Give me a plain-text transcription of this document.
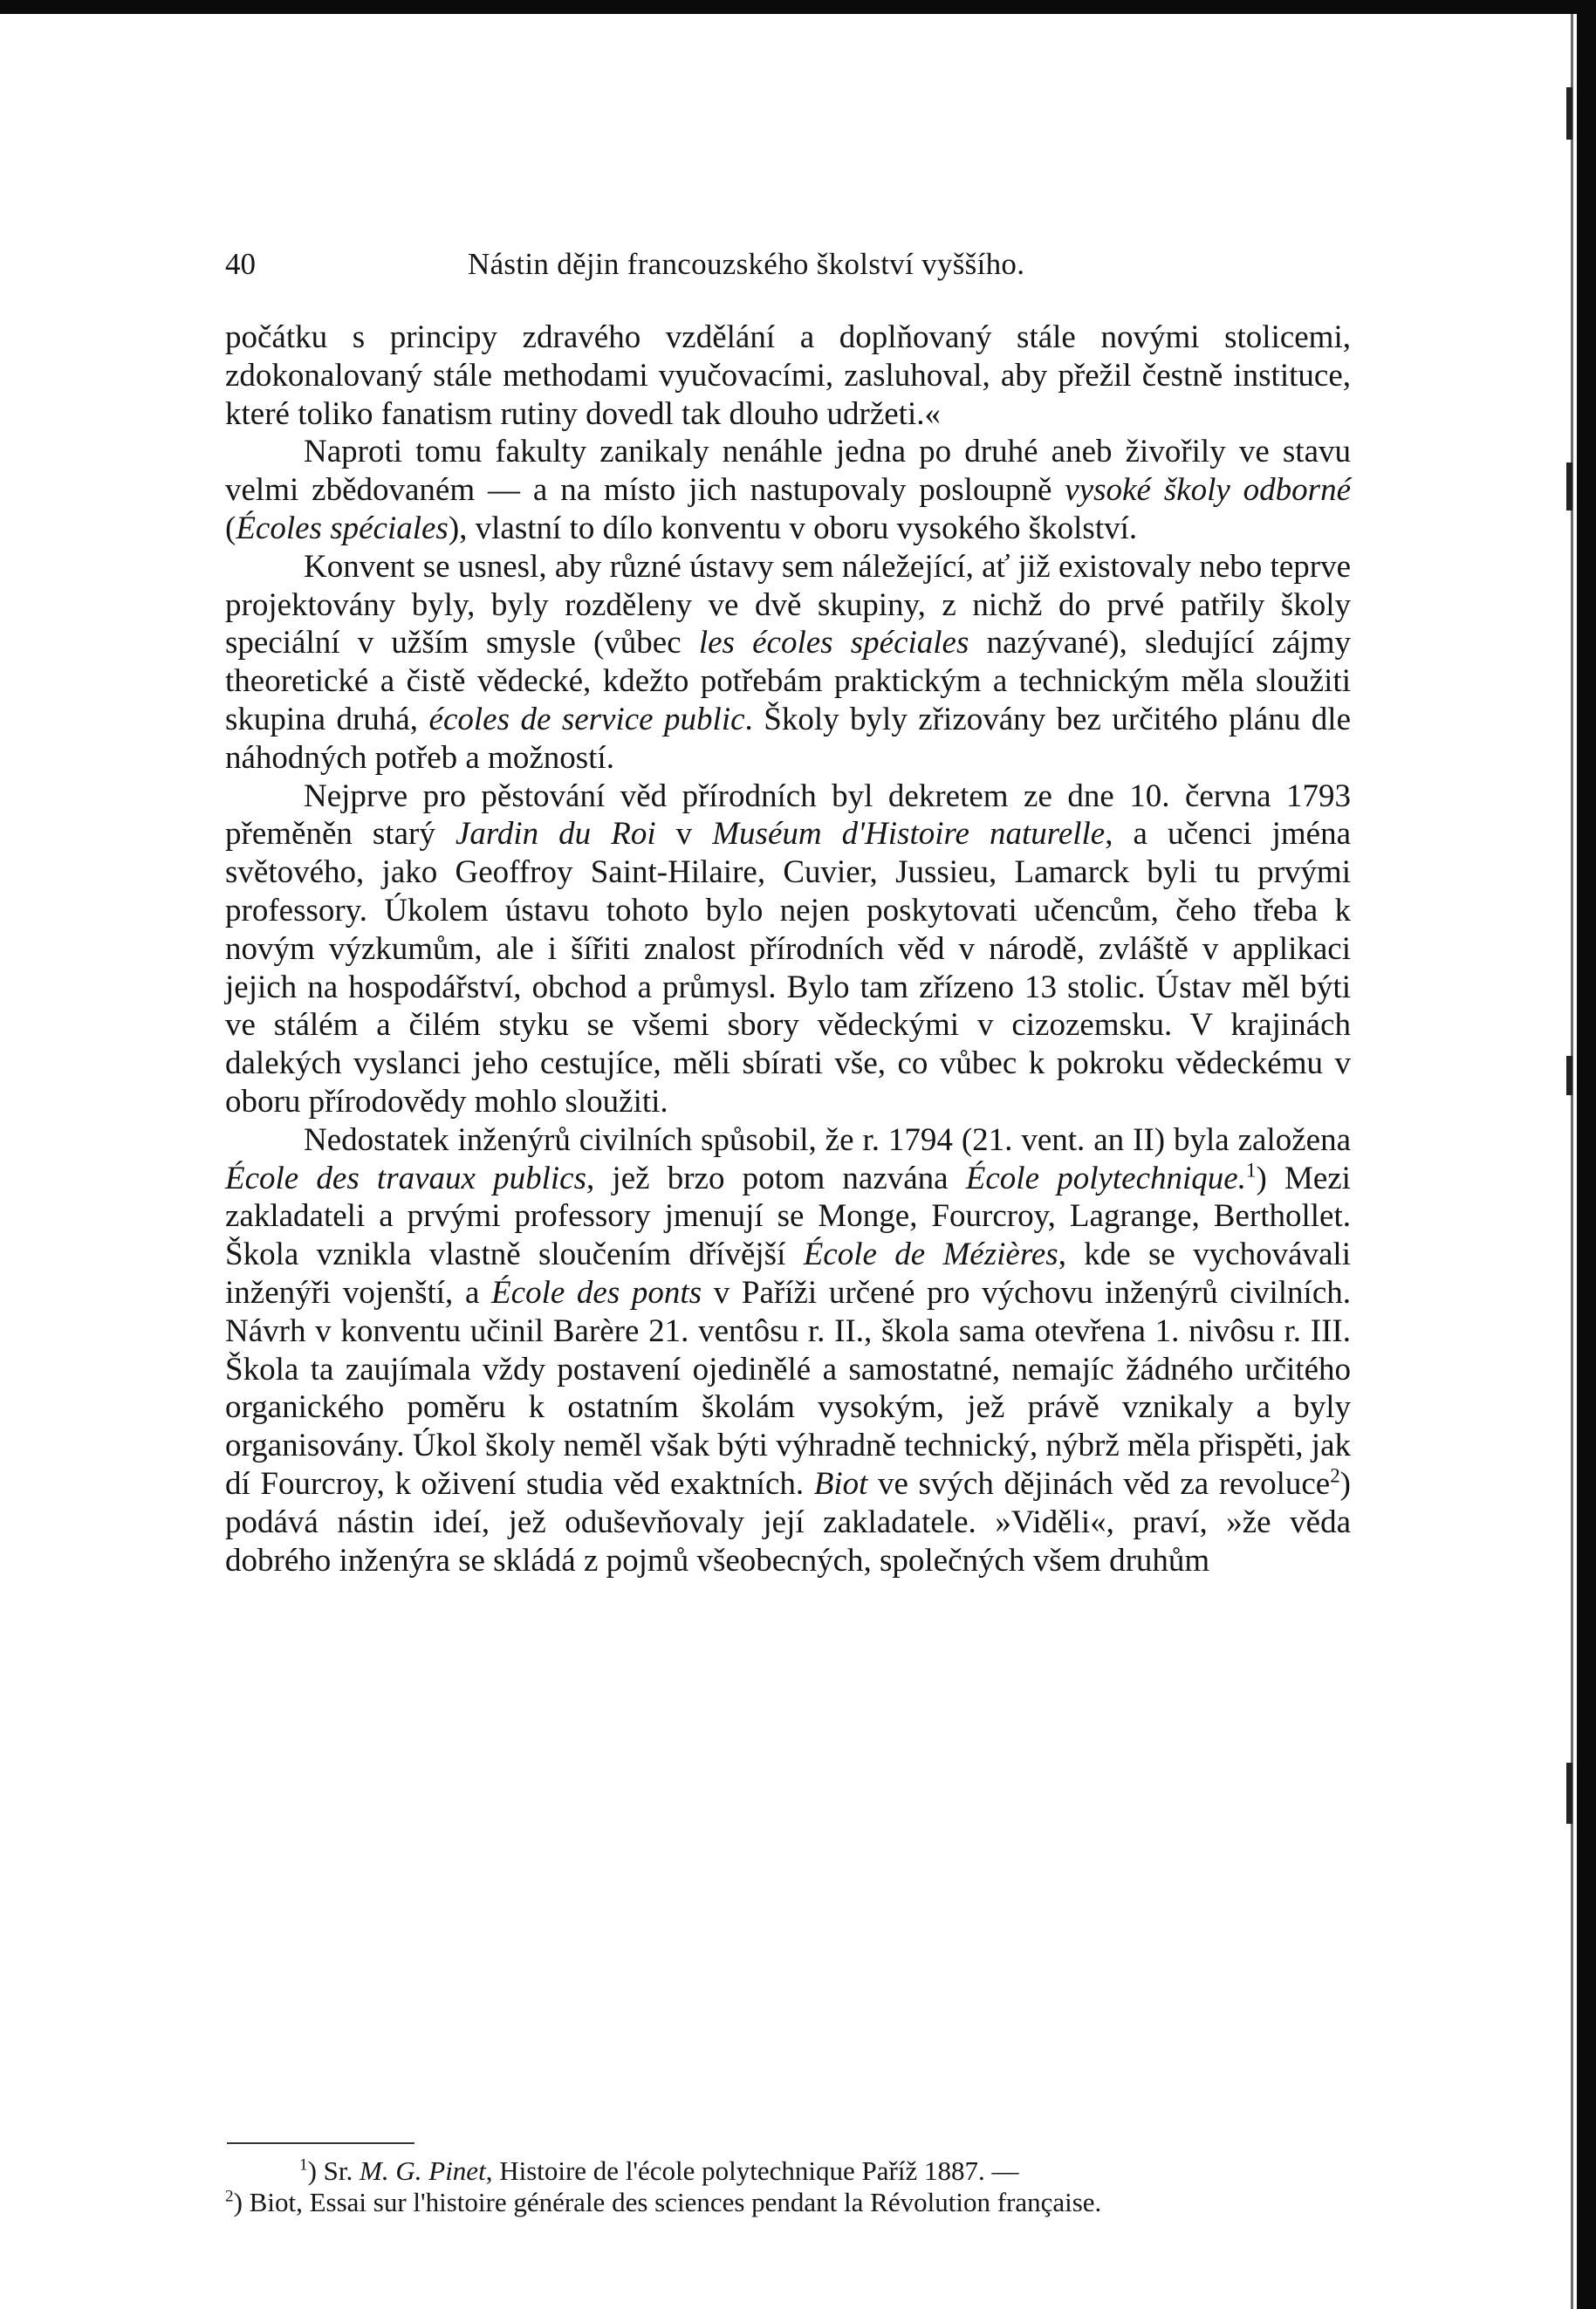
40	Nástin dějin francouzského školství vyššího.

počátku s principy zdravého vzdělání a doplňovaný stále novými stolicemi, zdokonalovaný stále methodami vyučovacími, zasluhoval, aby přežil čestně instituce, které toliko fanatism rutiny dovedl tak dlouho udržeti.«

Naproti tomu fakulty zanikaly nenáhle jedna po druhé aneb živořily ve stavu velmi zbědovaném — a na místo jich nastupovaly posloupně vysoké školy odborné (Écoles spéciales), vlastní to dílo konventu v oboru vysokého školství.

Konvent se usnesl, aby různé ústavy sem náležející, ať již existovaly nebo teprve projektovány byly, byly rozděleny ve dvě skupiny, z nichž do prvé patřily školy speciální v užším smysle (vůbec les écoles spéciales nazývané), sledující zájmy theoretické a čistě vědecké, kdežto potřebám praktickým a technickým měla sloužiti skupina druhá, écoles de service public. Školy byly zřizovány bez určitého plánu dle náhodných potřeb a možností.

Nejprve pro pěstování věd přírodních byl dekretem ze dne 10. června 1793 přeměněn starý Jardin du Roi v Muséum d'Histoire naturelle, a učenci jména světového, jako Geoffroy Saint-Hilaire, Cuvier, Jussieu, Lamarck byli tu prvými professory. Úkolem ústavu tohoto bylo nejen poskytovati učencům, čeho třeba k novým výzkumům, ale i šířiti znalost přírodních věd v národě, zvláště v applikaci jejich na hospodářství, obchod a průmysl. Bylo tam zřízeno 13 stolic. Ústav měl býti ve stálém a čilém styku se všemi sbory vědeckými v cizozemsku. V krajinách dalekých vyslanci jeho cestujíce, měli sbírati vše, co vůbec k pokroku vědeckému v oboru přírodovědy mohlo sloužiti.

Nedostatek inženýrů civilních spůsobil, že r. 1794 (21. vent. an II) byla založena École des travaux publics, jež brzo potom nazvána École polytechnique.$^1$) Mezi zakladateli a prvými professory jmenují se Monge, Fourcroy, Lagrange, Berthollet. Škola vznikla vlastně sloučením dřívější École de Mézières, kde se vychovávali inženýři vojenští, a École des ponts v Paříži určené pro výchovu inženýrů civilních. Návrh v konventu učinil Barère 21. ventôsu r. II., škola sama otevřena 1. nivôsu r. III. Škola ta zaujímala vždy postavení ojedinělé a samostatné, nemajíc žádného určitého organického poměru k ostatním školám vysokým, jež právě vznikaly a byly organisovány. Úkol školy neměl však býti výhradně technický, nýbrž měla přispěti, jak dí Fourcroy, k oživení studia věd exaktních. Biot ve svých dějinách věd za revoluce$^2$) podává nástin ideí, jež oduševňovaly její zakladatele. »Viděli«, praví, »že věda dobrého inženýra se skládá z pojmů všeobecných, společných všem druhům

$^1$) Sr. M. G. Pinet, Histoire de l'école polytechnique Paříž 1887. —

$^2$) Biot, Essai sur l'histoire générale des sciences pendant la Révolution française.
